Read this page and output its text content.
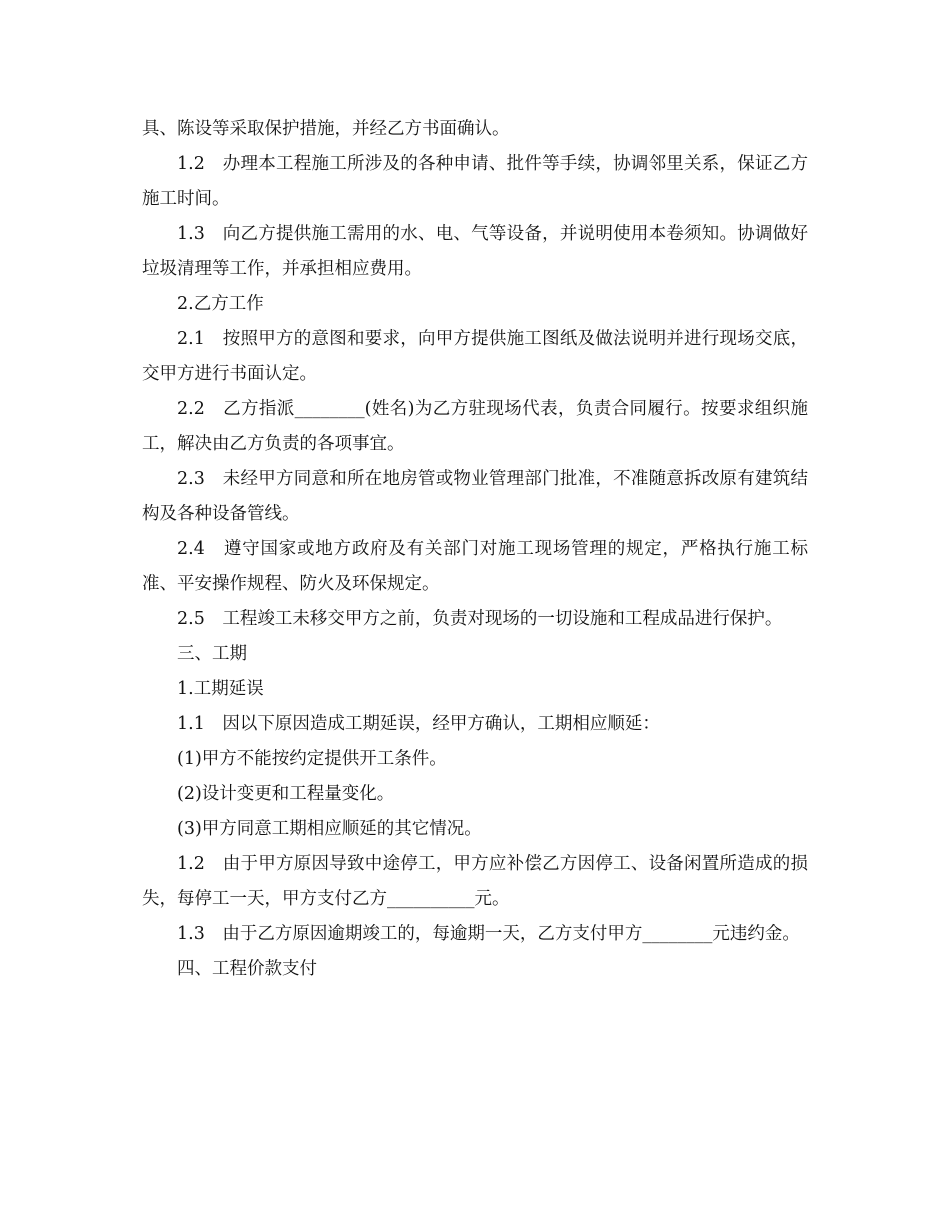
具、陈设等采取保护措施，并经乙方书面确认。

1.2　办理本工程施工所涉及的各种申请、批件等手续，协调邻里关系，保证乙方施工时间。

1.3　向乙方提供施工需用的水、电、气等设备，并说明使用本卷须知。协调做好垃圾清理等工作，并承担相应费用。

2.乙方工作

2.1　按照甲方的意图和要求，向甲方提供施工图纸及做法说明并进行现场交底，交甲方进行书面认定。

2.2　乙方指派________(姓名)为乙方驻现场代表，负责合同履行。按要求组织施工，解决由乙方负责的各项事宜。

2.3　未经甲方同意和所在地房管或物业管理部门批准，不准随意拆改原有建筑结构及各种设备管线。

2.4　遵守国家或地方政府及有关部门对施工现场管理的规定，严格执行施工标准、平安操作规程、防火及环保规定。

2.5　工程竣工未移交甲方之前，负责对现场的一切设施和工程成品进行保护。

三、工期

1.工期延误

1.1　因以下原因造成工期延误，经甲方确认，工期相应顺延：

(1)甲方不能按约定提供开工条件。

(2)设计变更和工程量变化。

(3)甲方同意工期相应顺延的其它情况。

1.2　由于甲方原因导致中途停工，甲方应补偿乙方因停工、设备闲置所造成的损失，每停工一天，甲方支付乙方__________元。

1.3　由于乙方原因逾期竣工的，每逾期一天，乙方支付甲方________元违约金。

四、工程价款支付
